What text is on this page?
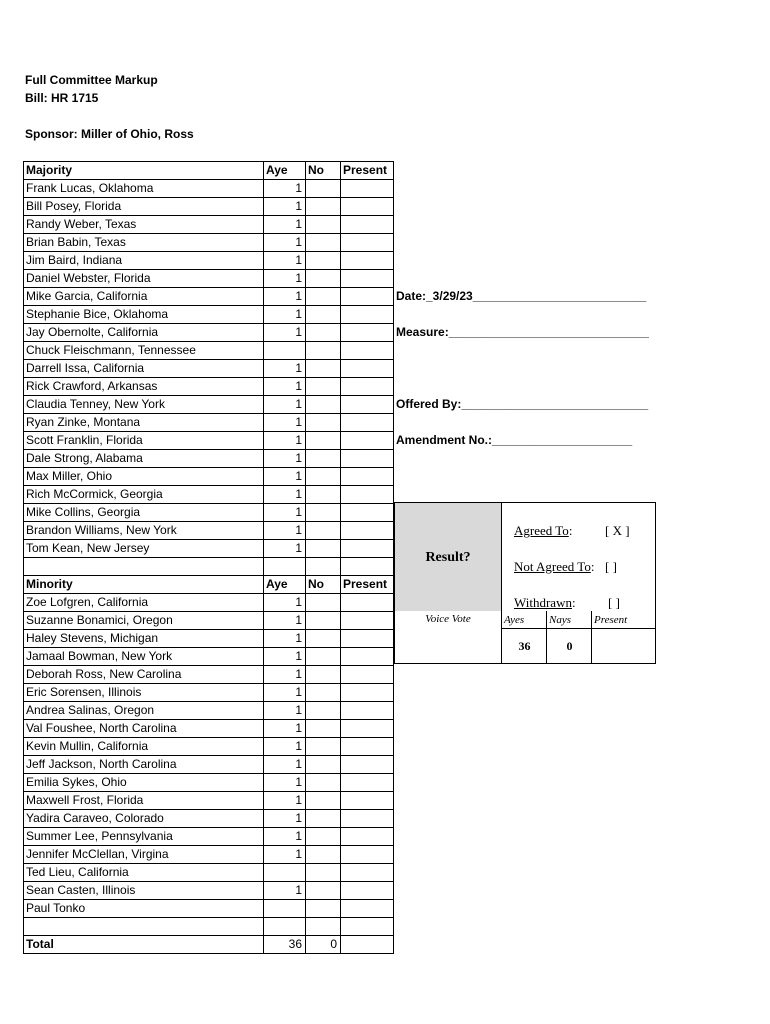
Full Committee Markup
Bill: HR 1715
Sponsor: Miller of Ohio, Ross
Majority	Aye	No	Present
Frank Lucas, Oklahoma	1		
Bill Posey, Florida	1		
Randy Weber, Texas	1		
Brian Babin, Texas	1		
Jim Baird, Indiana	1		
Daniel Webster, Florida	1		
Mike Garcia, California	1		
Stephanie Bice, Oklahoma	1		
Jay Obernolte, California	1		
Chuck Fleischmann, Tennessee			
Darrell Issa, California	1		
Rick Crawford, Arkansas	1		
Claudia Tenney, New York	1		
Ryan Zinke, Montana	1		
Scott Franklin, Florida	1		
Dale Strong, Alabama	1		
Max Miller, Ohio	1		
Rich McCormick, Georgia	1		
Mike Collins, Georgia	1		
Brandon Williams, New York	1		
Tom Kean, New Jersey	1		

Minority	Aye	No	Present
Zoe Lofgren, California	1		
Suzanne Bonamici, Oregon	1		
Haley Stevens, Michigan	1		
Jamaal Bowman, New York	1		
Deborah Ross, New Carolina	1		
Eric Sorensen, Illinois	1		
Andrea Salinas, Oregon	1		
Val Foushee, North Carolina	1		
Kevin Mullin, California	1		
Jeff Jackson, North Carolina	1		
Emilia Sykes, Ohio	1		
Maxwell Frost, Florida	1		
Yadira Caraveo, Colorado	1		
Summer Lee, Pennsylvania	1		
Jennifer McClellan, Virgina	1		
Ted Lieu, California			
Sean Casten, Illinois	1		
Paul Tonko			

Total	36	0	
Date:_3/29/23__________________________
Measure:______________________________
Offered By:____________________________
Amendment No.:_____________________
Result?
Agreed To:	[ X ]
Not Agreed To: [ ]
Withdrawn: [ ]
Voice Vote	Ayes	Nays	Present
36	0
